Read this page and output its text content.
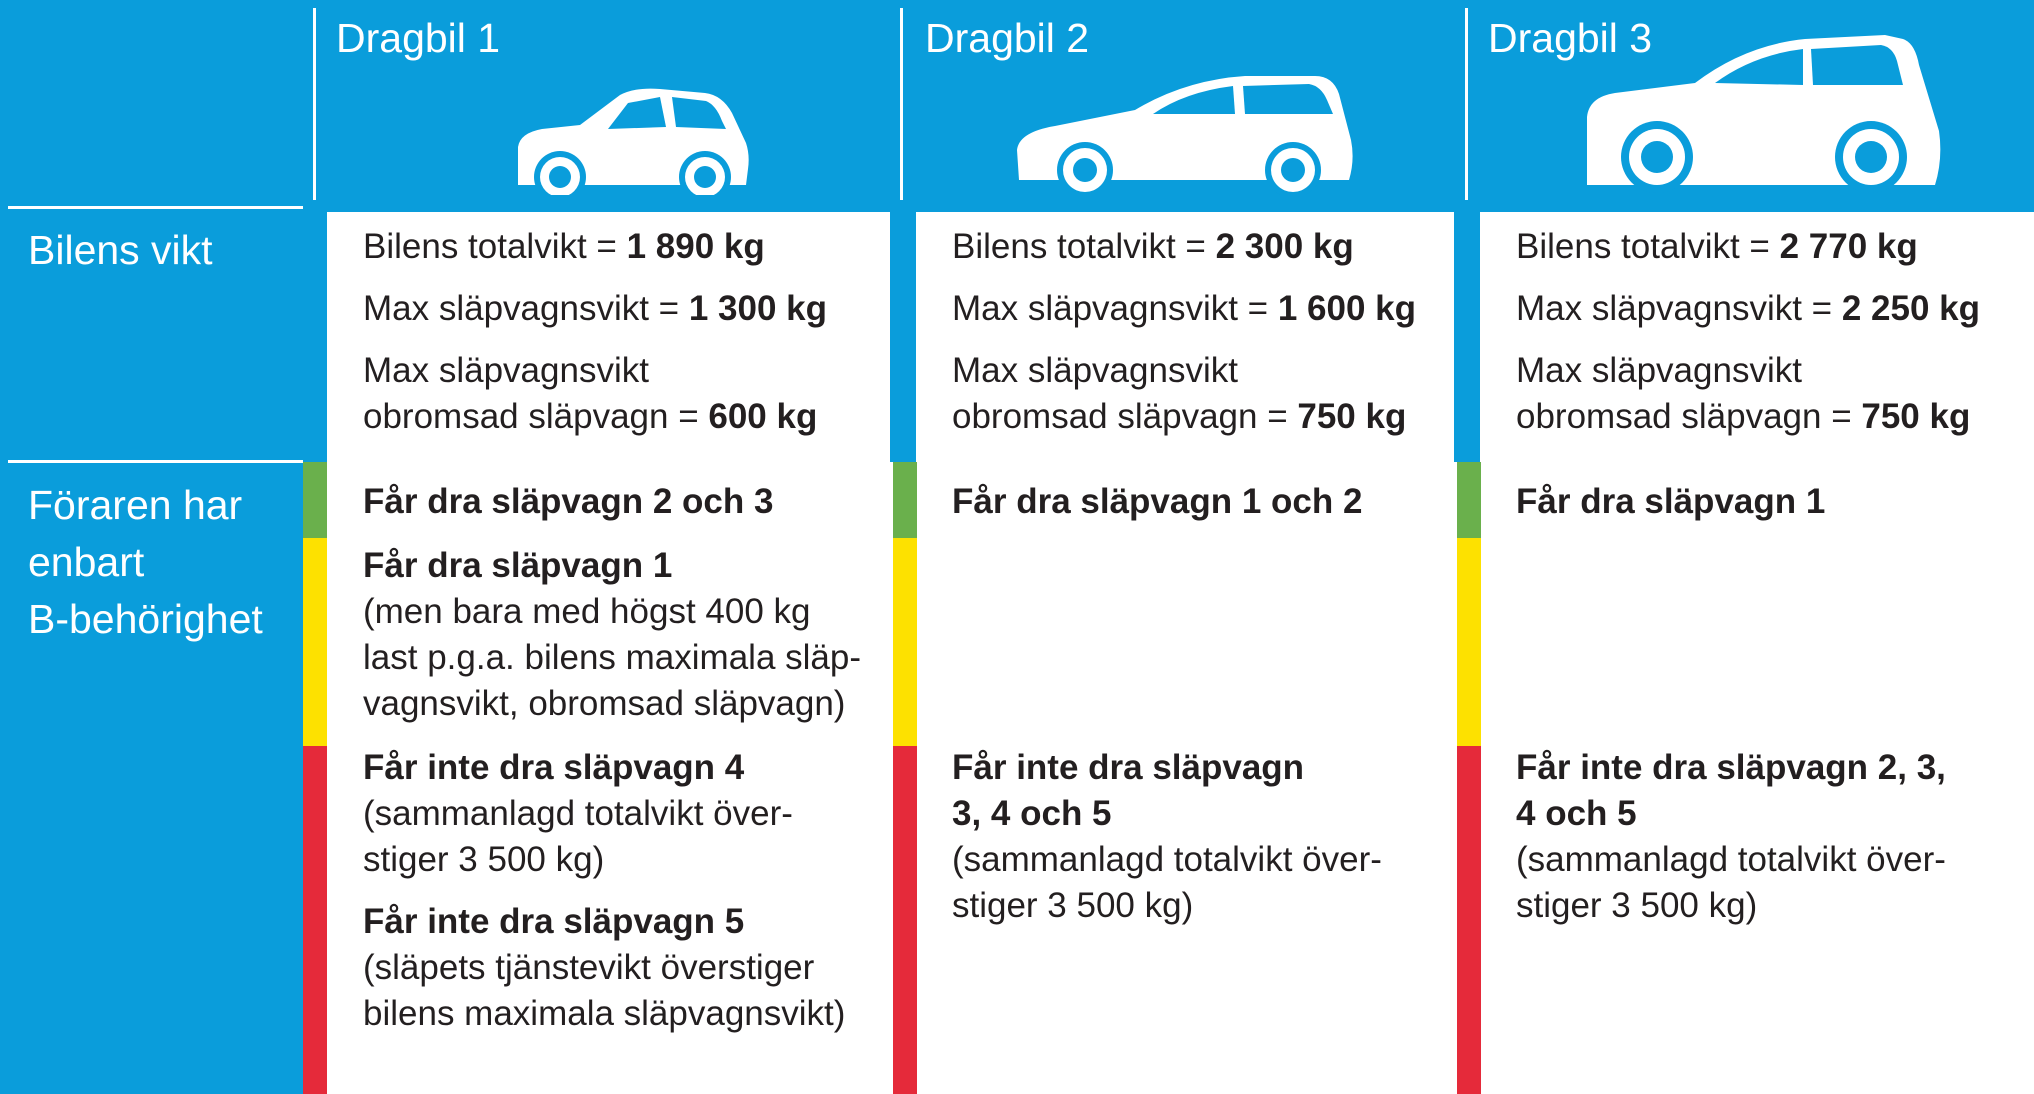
Dragbil 1	Dragbil 2	Dragbil 3
Bilens vikt
Föraren har
enbart
B-behörighet
Bilens totalvikt = 1 890 kg
Max släpvagnsvikt = 1 300 kg
Max släpvagnsvikt
obromsad släpvagn = 600 kg
Bilens totalvikt = 2 300 kg
Max släpvagnsvikt = 1 600 kg
Max släpvagnsvikt
obromsad släpvagn = 750 kg
Bilens totalvikt = 2 770 kg
Max släpvagnsvikt = 2 250 kg
Max släpvagnsvikt
obromsad släpvagn = 750 kg
Får dra släpvagn 2 och 3
Får dra släpvagn 1
(men bara med högst 400 kg
last p.g.a. bilens maximala släp-
vagnsvikt, obromsad släpvagn)
Får inte dra släpvagn 4
(sammanlagd totalvikt över-
stiger 3 500 kg)
Får inte dra släpvagn 5
(släpets tjänstevikt överstiger
bilens maximala släpvagnsvikt)
Får dra släpvagn 1 och 2
Får inte dra släpvagn
3, 4 och 5
(sammanlagd totalvikt över-
stiger 3 500 kg)
Får dra släpvagn 1
Får inte dra släpvagn 2, 3,
4 och 5
(sammanlagd totalvikt över-
stiger 3 500 kg)
